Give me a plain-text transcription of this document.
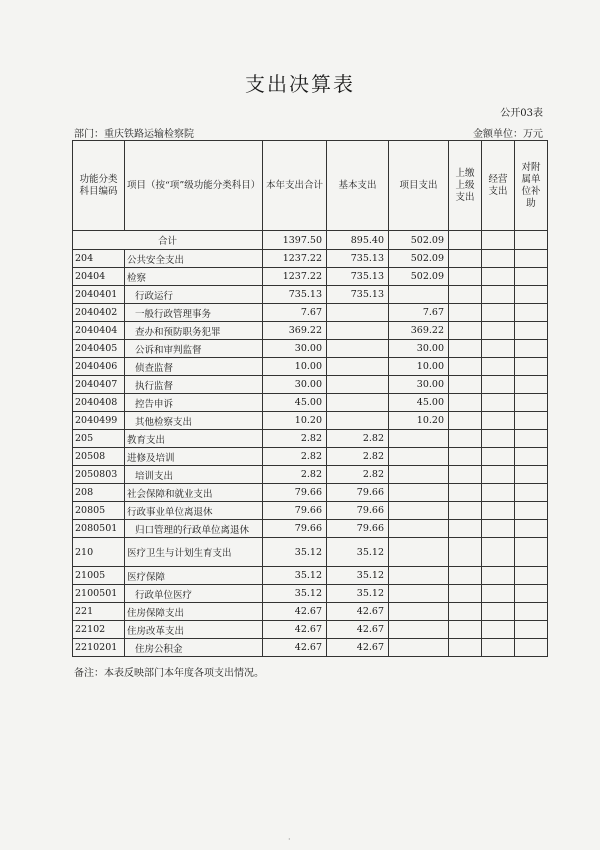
支出决算表
公开03表
部门：重庆铁路运输检察院	金额单位：万元
功能分类科目编码	项目（按“项”级功能分类科目）	本年支出合计	基本支出	项目支出	上缴上级支出	经营支出	对附属单位补助
合计		1397.50	895.40	502.09			
204	公共安全支出	1237.22	735.13	502.09			
20404	检察	1237.22	735.13	502.09			
2040401	行政运行	735.13	735.13				
2040402	一般行政管理事务	7.67		7.67			
2040404	查办和预防职务犯罪	369.22		369.22			
2040405	公诉和审判监督	30.00		30.00			
2040406	侦查监督	10.00		10.00			
2040407	执行监督	30.00		30.00			
2040408	控告申诉	45.00		45.00			
2040499	其他检察支出	10.20		10.20			
205	教育支出	2.82	2.82				
20508	进修及培训	2.82	2.82				
2050803	培训支出	2.82	2.82				
208	社会保障和就业支出	79.66	79.66				
20805	行政事业单位离退休	79.66	79.66				
2080501	归口管理的行政单位离退休	79.66	79.66				
210	医疗卫生与计划生育支出	35.12	35.12				
21005	医疗保障	35.12	35.12				
2100501	行政单位医疗	35.12	35.12				
221	住房保障支出	42.67	42.67				
22102	住房改革支出	42.67	42.67				
2210201	住房公积金	42.67	42.67				
备注：本表反映部门本年度各项支出情况。
·
